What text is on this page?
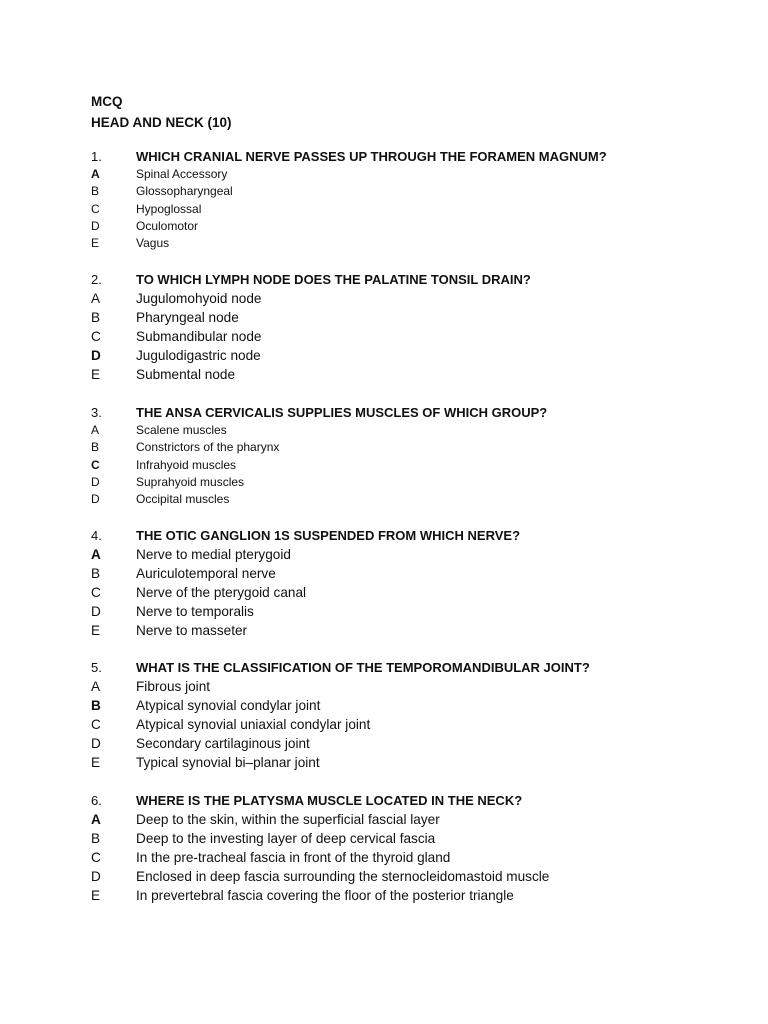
MCQ
HEAD AND NECK (10)
1.	WHICH CRANIAL NERVE PASSES UP THROUGH THE FORAMEN MAGNUM?
A	Spinal Accessory
B	Glossopharyngeal
C	Hypoglossal
D	Oculomotor
E	Vagus
2.	TO WHICH LYMPH NODE DOES THE PALATINE TONSIL DRAIN?
A	Jugulomohyoid node
B	Pharyngeal node
C	Submandibular node
D	Jugulodigastric node
E	Submental node
3.	THE ANSA CERVICALIS SUPPLIES MUSCLES OF WHICH GROUP?
A	Scalene muscles
B	Constrictors of the pharynx
C	Infrahyoid muscles
D	Suprahyoid muscles
D	Occipital muscles
4.	THE OTIC GANGLION 1S SUSPENDED FROM WHICH NERVE?
A	Nerve to medial pterygoid
B	Auriculotemporal nerve
C	Nerve of the pterygoid canal
D	Nerve to temporalis
E	Nerve to masseter
5.	WHAT IS THE CLASSIFICATION OF THE TEMPOROMANDIBULAR JOINT?
A	Fibrous joint
B	Atypical synovial condylar joint
C	Atypical synovial uniaxial condylar joint
D	Secondary cartilaginous joint
E	Typical synovial bi–planar joint
6.	WHERE IS THE PLATYSMA MUSCLE LOCATED IN THE NECK?
A	Deep to the skin, within the superficial fascial layer
B	Deep to the investing layer of deep cervical fascia
C	In the pre-tracheal fascia in front of the thyroid gland
D	Enclosed in deep fascia surrounding the sternocleidomastoid muscle
E	In prevertebral fascia covering the floor of the posterior triangle
